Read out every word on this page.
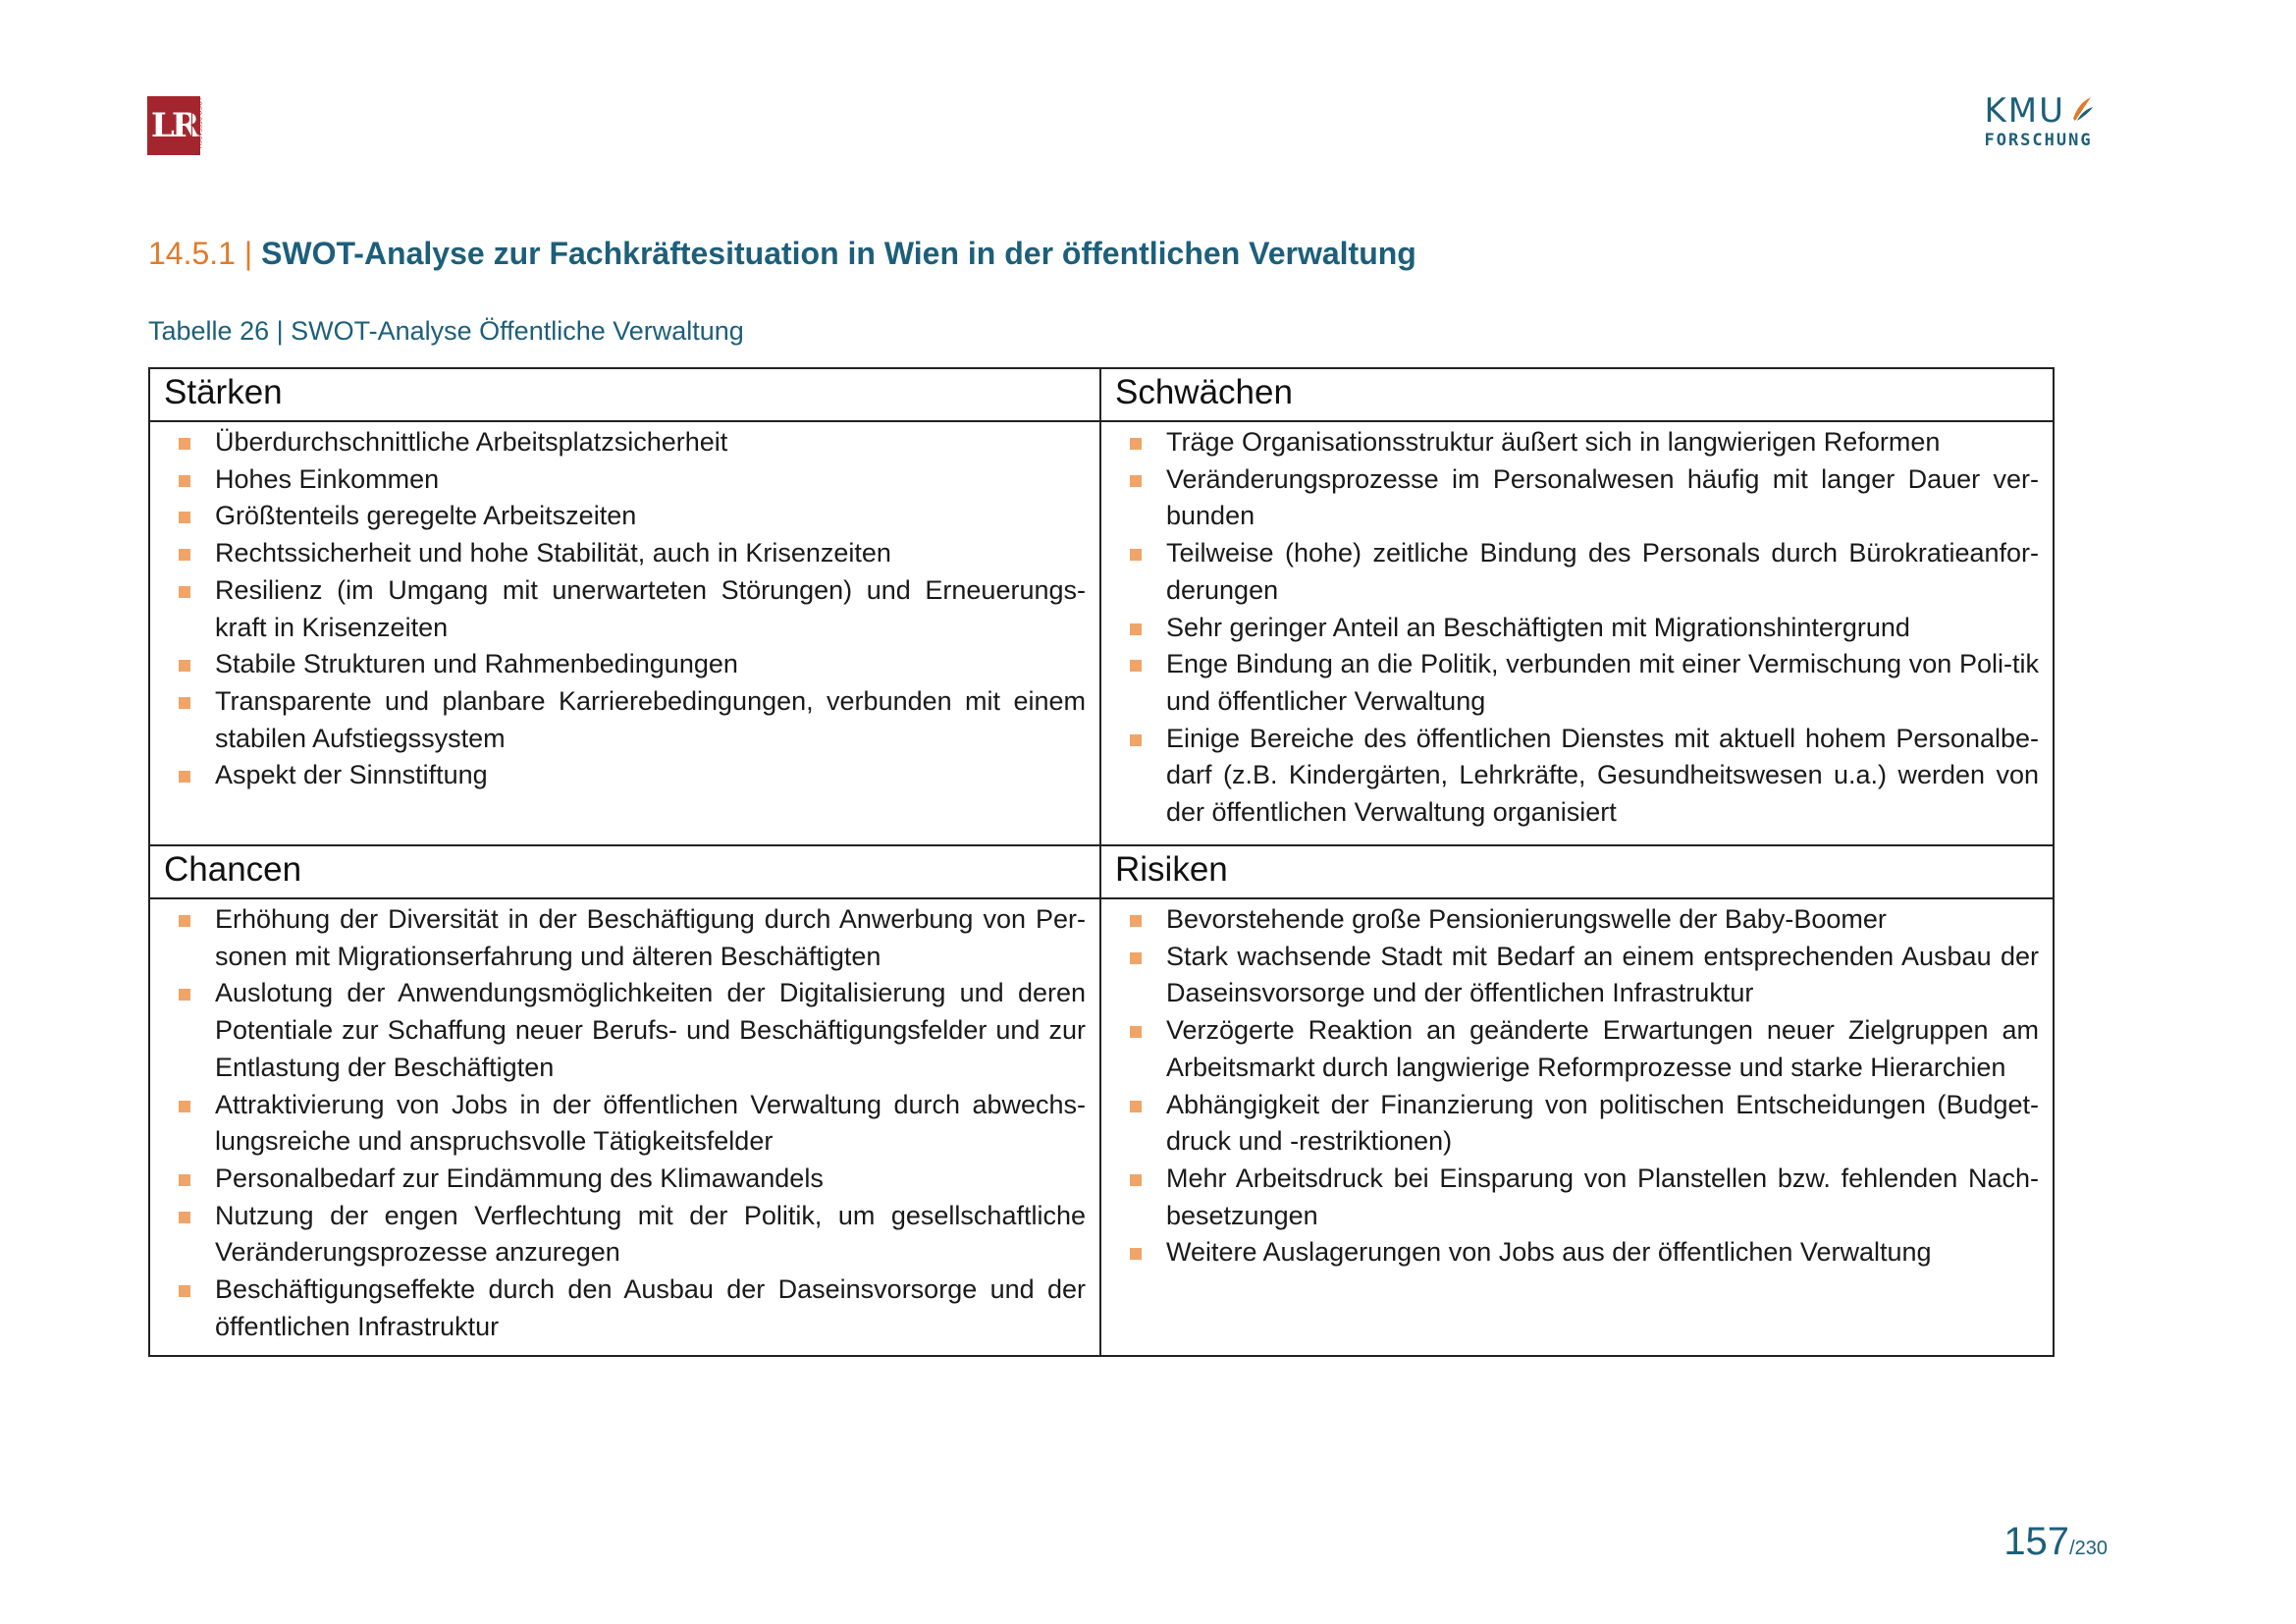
LR
LOGO RESEARCH	KMU
FORSCHUNG
14.5.1 | SWOT-Analyse zur Fachkräftesituation in Wien in der öffentlichen Verwaltung
Tabelle 26 | SWOT-Analyse Öffentliche Verwaltung
Stärken
Überdurchschnittliche Arbeitsplatzsicherheit
Hohes Einkommen
Größtenteils geregelte Arbeitszeiten
Rechtssicherheit und hohe Stabilität, auch in Krisenzeiten
Resilienz (im Umgang mit unerwarteten Störungen) und Erneuerungs-kraft in Krisenzeiten
Stabile Strukturen und Rahmenbedingungen
Transparente und planbare Karrierebedingungen, verbunden mit einem stabilen Aufstiegssystem
Aspekt der Sinnstiftung
Schwächen
Träge Organisationsstruktur äußert sich in langwierigen Reformen
Veränderungsprozesse im Personalwesen häufig mit langer Dauer ver-bunden
Teilweise (hohe) zeitliche Bindung des Personals durch Bürokratieanfor-derungen
Sehr geringer Anteil an Beschäftigten mit Migrationshintergrund
Enge Bindung an die Politik, verbunden mit einer Vermischung von Poli-tik und öffentlicher Verwaltung
Einige Bereiche des öffentlichen Dienstes mit aktuell hohem Personalbe-darf (z.B. Kindergärten, Lehrkräfte, Gesundheitswesen u.a.) werden von der öffentlichen Verwaltung organisiert
Chancen
Erhöhung der Diversität in der Beschäftigung durch Anwerbung von Per-sonen mit Migrationserfahrung und älteren Beschäftigten
Auslotung der Anwendungsmöglichkeiten der Digitalisierung und deren Potentiale zur Schaffung neuer Berufs- und Beschäftigungsfelder und zur Entlastung der Beschäftigten
Attraktivierung von Jobs in der öffentlichen Verwaltung durch abwechs-lungsreiche und anspruchsvolle Tätigkeitsfelder
Personalbedarf zur Eindämmung des Klimawandels
Nutzung der engen Verflechtung mit der Politik, um gesellschaftliche Veränderungsprozesse anzuregen
Beschäftigungseffekte durch den Ausbau der Daseinsvorsorge und der öffentlichen Infrastruktur
Risiken
Bevorstehende große Pensionierungswelle der Baby-Boomer
Stark wachsende Stadt mit Bedarf an einem entsprechenden Ausbau der Daseinsvorsorge und der öffentlichen Infrastruktur
Verzögerte Reaktion an geänderte Erwartungen neuer Zielgruppen am Arbeitsmarkt durch langwierige Reformprozesse und starke Hierarchien
Abhängigkeit der Finanzierung von politischen Entscheidungen (Budget-druck und -restriktionen)
Mehr Arbeitsdruck bei Einsparung von Planstellen bzw. fehlenden Nach-besetzungen
Weitere Auslagerungen von Jobs aus der öffentlichen Verwaltung
157/230
